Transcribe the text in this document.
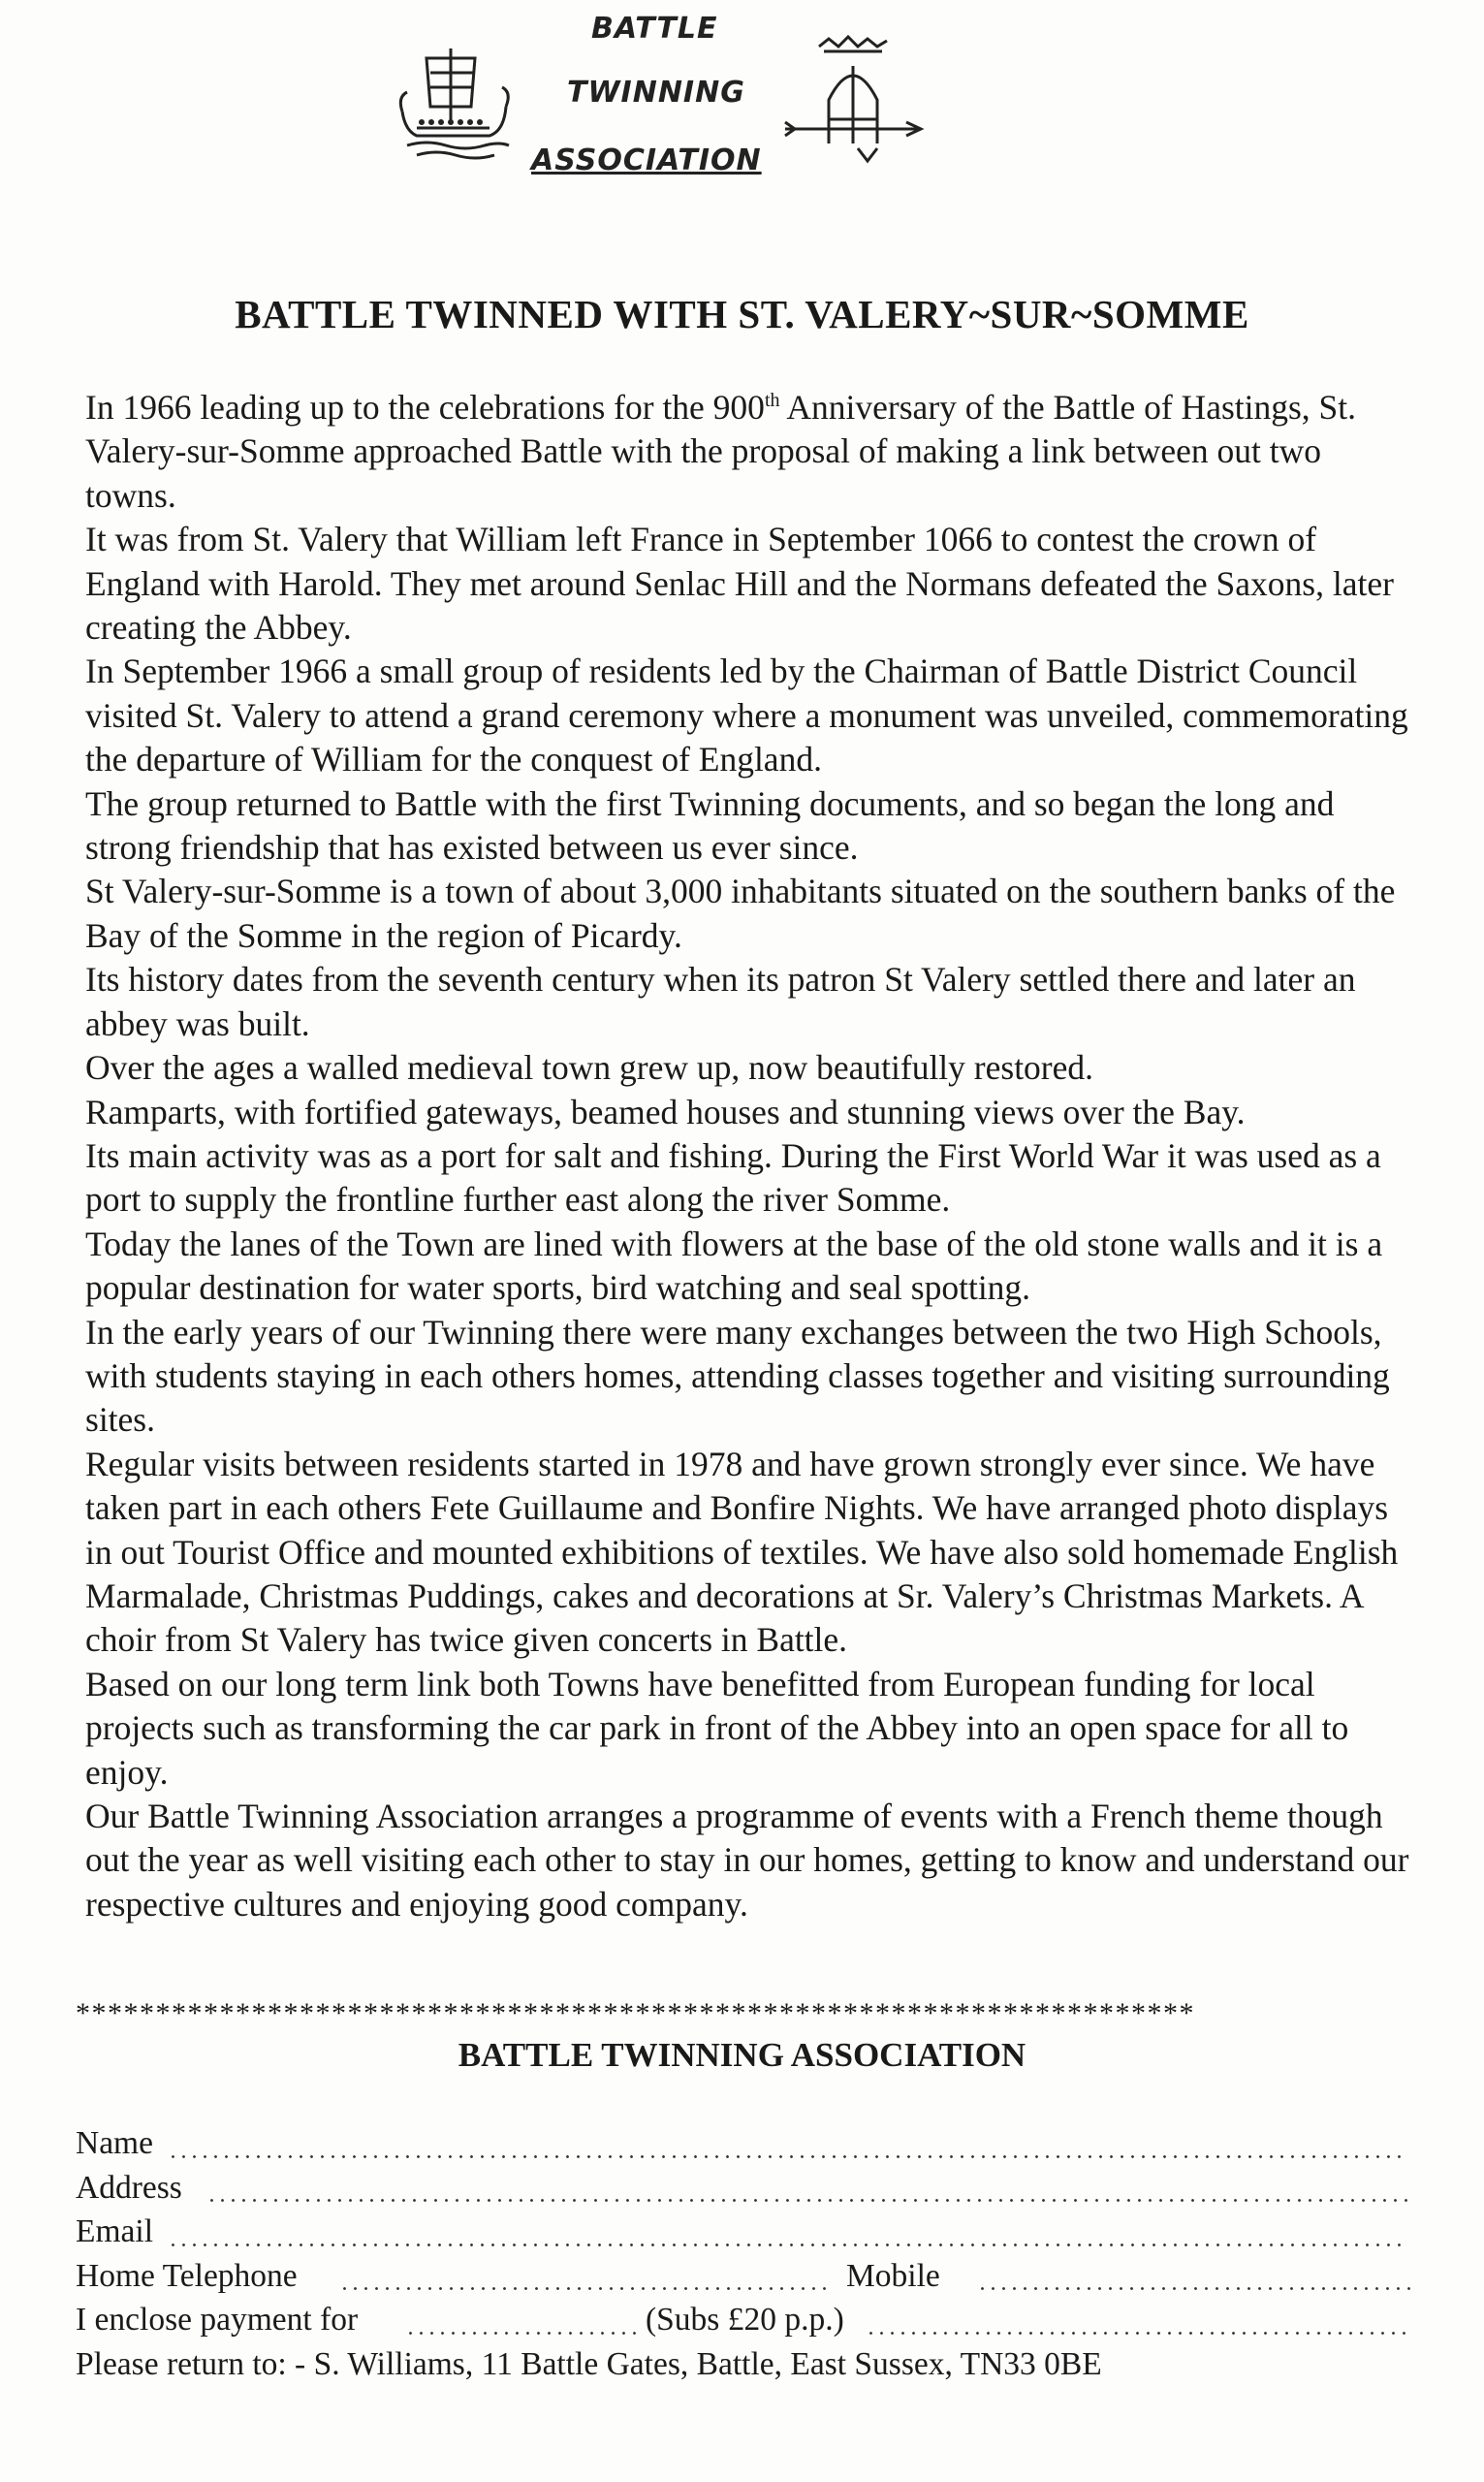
BATTLE
TWINNING
ASSOCIATION
BATTLE TWINNED WITH ST. VALERY~SUR~SOMME

In 1966 leading up to the celebrations for the 900th Anniversary of the Battle of Hastings, St. Valery-sur-Somme approached Battle with the proposal of making a link between out two towns.

It was from St. Valery that William left France in September 1066 to contest the crown of England with Harold. They met around Senlac Hill and the Normans defeated the Saxons, later creating the Abbey.

In September 1966 a small group of residents led by the Chairman of Battle District Council visited St. Valery to attend a grand ceremony where a monument was unveiled, commemorating the departure of William for the conquest of England.

The group returned to Battle with the first Twinning documents, and so began the long and strong friendship that has existed between us ever since.

St Valery-sur-Somme is a town of about 3,000 inhabitants situated on the southern banks of the Bay of the Somme in the region of Picardy.

Its history dates from the seventh century when its patron St Valery settled there and later an abbey was built.

Over the ages a walled medieval town grew up, now beautifully restored.

Ramparts, with fortified gateways, beamed houses and stunning views over the Bay.

Its main activity was as a port for salt and fishing. During the First World War it was used as a port to supply the frontline further east along the river Somme.

Today the lanes of the Town are lined with flowers at the base of the old stone walls and it is a popular destination for water sports, bird watching and seal spotting.

In the early years of our Twinning there were many exchanges between the two High Schools, with students staying in each others homes, attending classes together and visiting surrounding sites.

Regular visits between residents started in 1978 and have grown strongly ever since. We have taken part in each others Fete Guillaume and Bonfire Nights. We have arranged photo displays in out Tourist Office and mounted exhibitions of textiles. We have also sold homemade English Marmalade, Christmas Puddings, cakes and decorations at Sr. Valery’s Christmas Markets. A choir from St Valery has twice given concerts in Battle.

Based on our long term link both Towns have benefitted from European funding for local projects such as transforming the car park in front of the Abbey into an open space for all to enjoy.

Our Battle Twinning Association arranges a programme of events with a French theme though out the year as well visiting each other to stay in our homes, getting to know and understand our respective cultures and enjoying good company.

**********************************************************************
BATTLE TWINNING ASSOCIATION
Name
Address
Email
Home Telephone	Mobile
I enclose payment for	(Subs £20 p.p.)
Please return to: - S. Williams, 11 Battle Gates, Battle, East Sussex, TN33 0BE
